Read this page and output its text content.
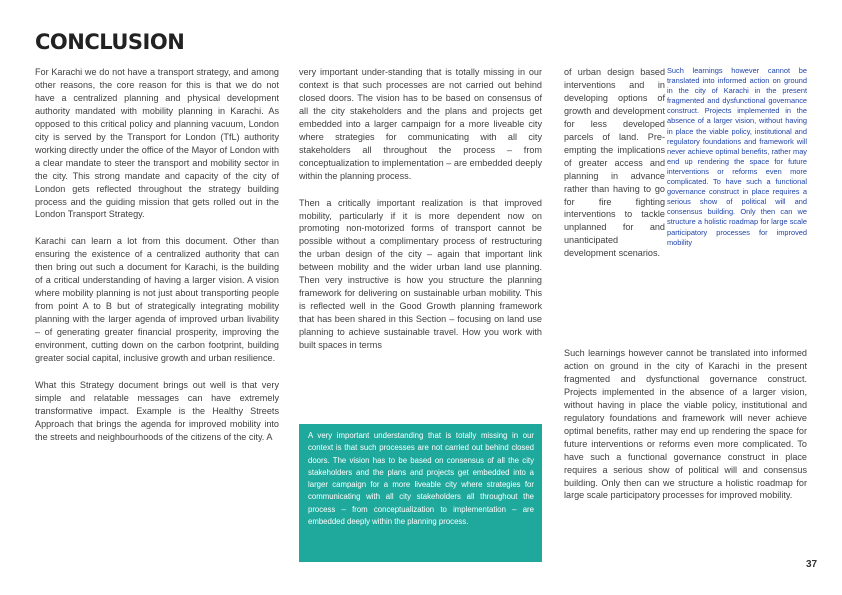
CONCLUSION

For Karachi we do not have a transport strategy, and among other reasons, the core reason for this is that we do not have a centralized planning and physical development authority mandated with mobility planning in Karachi. As opposed to this critical policy and planning vacuum, London city is served by the Transport for London (TfL) authority working directly under the office of the Mayor of London with a clear mandate to steer the transport and mobility sector in the city. This strong mandate and capacity of the city of London gets reflected throughout the strategy building process and the guiding mission that gets rolled out in the London Transport Strategy.

Karachi can learn a lot from this document. Other than ensuring the existence of a centralized authority that can then bring out such a document for Karachi, is the building of a critical understanding of having a larger vision. A vision where mobility planning is not just about transporting people from point A to B but of strategically integrating mobility planning with the larger agenda of improved urban livability – of generating greater financial prosperity, improving the environment, cutting down on the carbon footprint, building greater social capital, inclusive growth and urban resilience.

What this Strategy document brings out well is that very simple and relatable messages can have extremely transformative impact. Example is the Healthy Streets Approach that brings the agenda for improved mobility into the streets and neighbourhoods of the citizens of the city. A

very important under-standing that is totally missing in our context is that such processes are not carried out behind closed doors. The vision has to be based on consensus of all the city stakeholders and the plans and projects get embedded into a larger campaign for a more liveable city where strategies for communicating with all city stakeholders all throughout the process – from conceptualization to implementation – are embedded deeply within the planning process.

Then a critically important realization is that improved mobility, particularly if it is more dependent now on promoting non-motorized forms of transport cannot be possible without a complimentary process of restructuring the urban design of the city – again that important link between mobility and the wider urban land use planning. Then very instructive is how you structure the planning framework for delivering on sustainable urban mobility. This is reflected well in the Good Growth planning framework that has been shared in this Section – focusing on land use planning to achieve sustainable travel. How you work with built spaces in terms

A very important understanding that is totally missing in our context is that such processes are not carried out behind closed doors. The vision has to be based on consensus of all the city stakeholders and the plans and projects get embedded into a larger campaign for a more liveable city where strategies for communicating with all city stakeholders all throughout the process – from conceptualization to implementation – are embedded deeply within the planning process.

of urban design based interventions and in developing options of growth and development for less developed parcels of land. Pre-empting the implications of greater access and planning in advance rather than having to go for fire fighting interventions to tackle unplanned for and unanticipated development scenarios.

Such learnings however cannot be translated into informed action on ground in the city of Karachi in the present fragmented and dysfunctional governance construct. Projects implemented in the absence of a larger vision, without having in place the viable policy, institutional and regulatory foundations and framework will never achieve optimal benefits, rather may end up rendering the space for future interventions or reforms even more complicated. To have such a functional governance construct in place requires a serious show of political will and consensus building. Only then can we structure a holistic roadmap for large scale participatory processes for improved mobility

Such learnings however cannot be translated into informed action on ground in the city of Karachi in the present fragmented and dysfunctional governance construct. Projects implemented in the absence of a larger vision, without having in place the viable policy, institutional and regulatory foundations and framework will never achieve optimal benefits, rather may end up rendering the space for future interventions or reforms even more complicated. To have such a functional governance construct in place requires a serious show of political will and consensus building. Only then can we structure a holistic roadmap for large scale participatory processes for improved mobility.

37
